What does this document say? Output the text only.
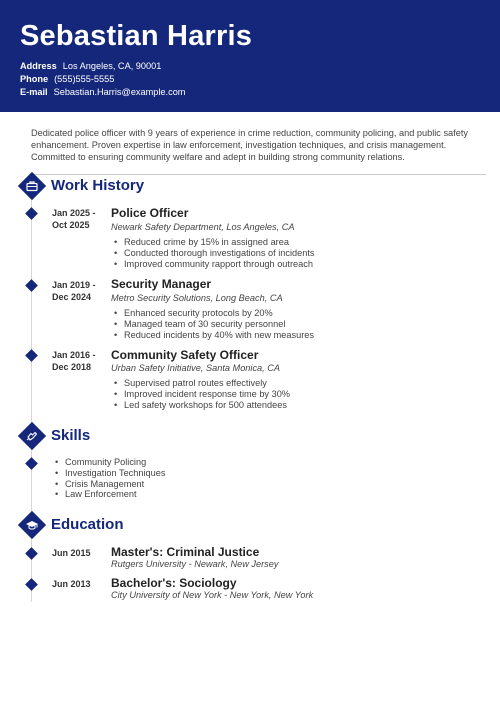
Sebastian Harris
Address Los Angeles, CA, 90001
Phone (555)555-5555
E-mail Sebastian.Harris@example.com
Dedicated police officer with 9 years of experience in crime reduction, community policing, and public safety enhancement. Proven expertise in law enforcement, investigation techniques, and crisis management. Committed to ensuring community welfare and adept in building strong community relations.
Work History
Jan 2025 -
Oct 2025
Police Officer
Newark Safety Department, Los Angeles, CA
• Reduced crime by 15% in assigned area
• Conducted thorough investigations of incidents
• Improved community rapport through outreach
Jan 2019 -
Dec 2024
Security Manager
Metro Security Solutions, Long Beach, CA
• Enhanced security protocols by 20%
• Managed team of 30 security personnel
• Reduced incidents by 40% with new measures
Jan 2016 -
Dec 2018
Community Safety Officer
Urban Safety Initiative, Santa Monica, CA
• Supervised patrol routes effectively
• Improved incident response time by 30%
• Led safety workshops for 500 attendees
Skills
• Community Policing
• Investigation Techniques
• Crisis Management
• Law Enforcement
Education
Jun 2015 Master's: Criminal Justice
Rutgers University - Newark, New Jersey
Jun 2013 Bachelor's: Sociology
City University of New York - New York, New York
